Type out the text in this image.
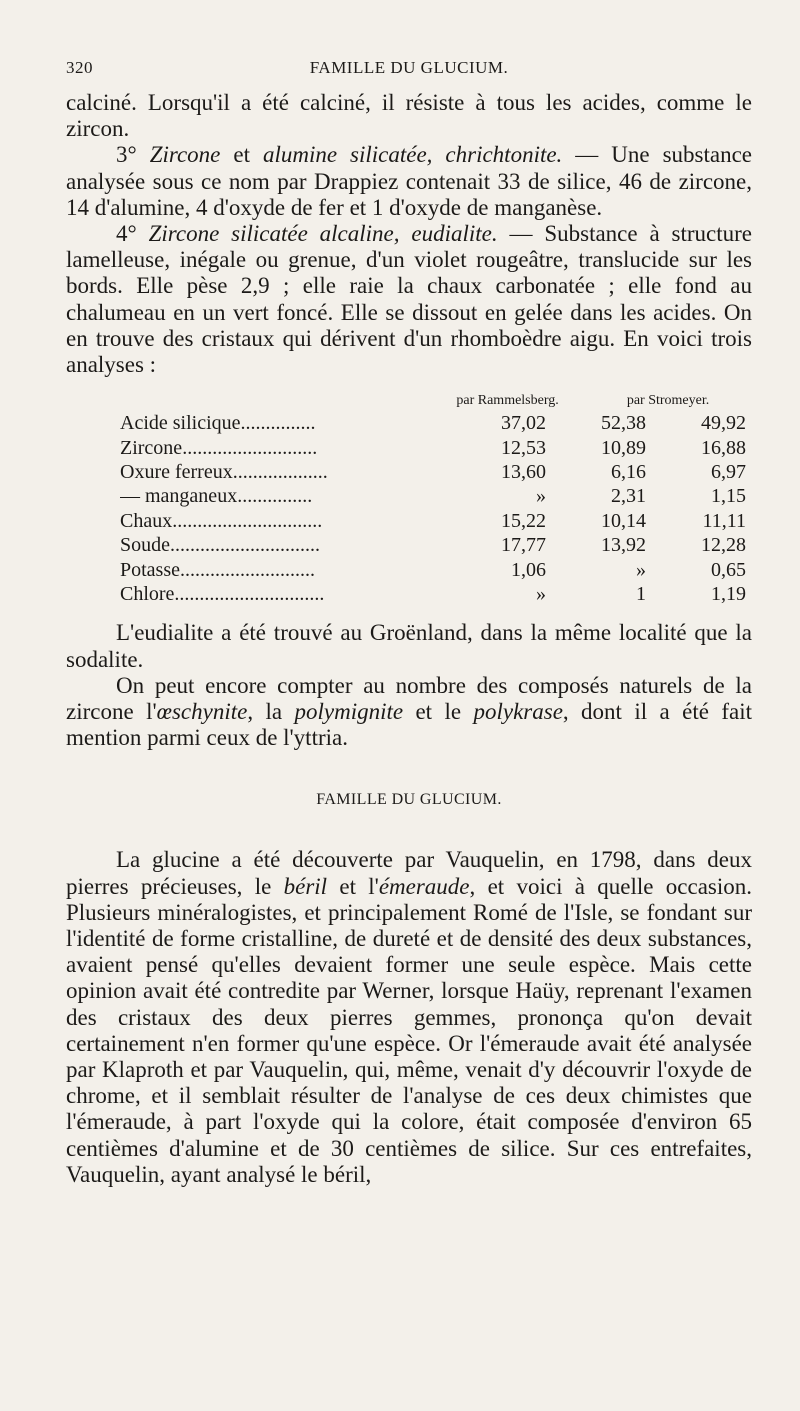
320	FAMILLE DU GLUCIUM.

calciné. Lorsqu'il a été calciné, il résiste à tous les acides, comme le zircon.

3° Zircone et alumine silicatée, chrichtonite. — Une substance analysée sous ce nom par Drappiez contenait 33 de silice, 46 de zircone, 14 d'alumine, 4 d'oxyde de fer et 1 d'oxyde de manganèse.

4° Zircone silicatée alcaline, eudialite. — Substance à structure lamelleuse, inégale ou grenue, d'un violet rougeâtre, translucide sur les bords. Elle pèse 2,9 ; elle raie la chaux carbonatée ; elle fond au chalumeau en un vert foncé. Elle se dissout en gelée dans les acides. On en trouve des cristaux qui dérivent d'un rhomboèdre aigu. En voici trois analyses :

par Rammelsberg.	par Stromeyer.
Acide silicique...............	37,02	52,38	49,92
Zircone...........................	12,53	10,89	16,88
Oxure ferreux...................	13,60	6,16	6,97
— manganeux...............	»	2,31	1,15
Chaux..............................	15,22	10,14	11,11
Soude..............................	17,77	13,92	12,28
Potasse...........................	1,06	»	0,65
Chlore..............................	»	1	1,19

L'eudialite a été trouvé au Groënland, dans la même localité que la sodalite.

On peut encore compter au nombre des composés naturels de la zircone l'œschynite, la polymignite et le polykrase, dont il a été fait mention parmi ceux de l'yttria.

FAMILLE DU GLUCIUM.

La glucine a été découverte par Vauquelin, en 1798, dans deux pierres précieuses, le béril et l'émeraude, et voici à quelle occasion. Plusieurs minéralogistes, et principalement Romé de l'Isle, se fondant sur l'identité de forme cristalline, de dureté et de densité des deux substances, avaient pensé qu'elles devaient former une seule espèce. Mais cette opinion avait été contredite par Werner, lorsque Haüy, reprenant l'examen des cristaux des deux pierres gemmes, prononça qu'on devait certainement n'en former qu'une espèce. Or l'émeraude avait été analysée par Klaproth et par Vauquelin, qui, même, venait d'y découvrir l'oxyde de chrome, et il semblait résulter de l'analyse de ces deux chimistes que l'émeraude, à part l'oxyde qui la colore, était composée d'environ 65 centièmes d'alumine et de 30 centièmes de silice. Sur ces entrefaites, Vauquelin, ayant analysé le béril,
